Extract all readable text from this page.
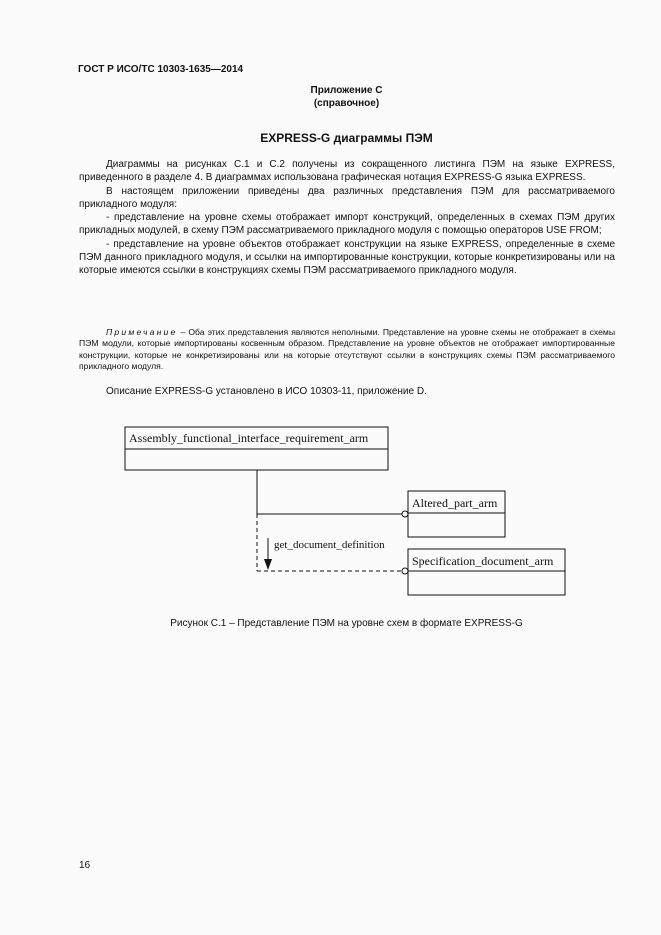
ГОСТ Р ИСО/ТС 10303-1635—2014
Приложение С
(справочное)
EXPRESS-G диаграммы ПЭМ

Диаграммы на рисунках С.1 и С.2 получены из сокращенного листинга ПЭМ на языке EXPRESS, приведенного в разделе 4. В диаграммах использована графическая нотация EXPRESS-G языка EXPRESS.

В настоящем приложении приведены два различных представления ПЭМ для рассматриваемого прикладного модуля:

- представление на уровне схемы отображает импорт конструкций, определенных в схемах ПЭМ других прикладных модулей, в схему ПЭМ рассматриваемого прикладного модуля с помощью операторов USE FROM;

- представление на уровне объектов отображает конструкции на языке EXPRESS, определенные в схеме ПЭМ данного прикладного модуля, и ссылки на импортированные конструкции, которые конкретизированы или на которые имеются ссылки в конструкциях схемы ПЭМ рассматриваемого прикладного модуля.

Примечание – Оба этих представления являются неполными. Представление на уровне схемы не отображает в схемы ПЭМ модули, которые импортированы косвенным образом. Представление на уровне объектов не отображает импортированные конструкции, которые не конкретизированы или на которые отсутствуют ссылки в конструкциях схемы ПЭМ рассматриваемого прикладного модуля.
Описание EXPRESS-G установлено в ИСО 10303-11, приложение D.
Assembly_functional_interface_requirement_arm
Altered_part_arm
Specification_document_arm
get_document_definition
Рисунок С.1 – Представление ПЭМ на уровне схем в формате EXPRESS-G
16
